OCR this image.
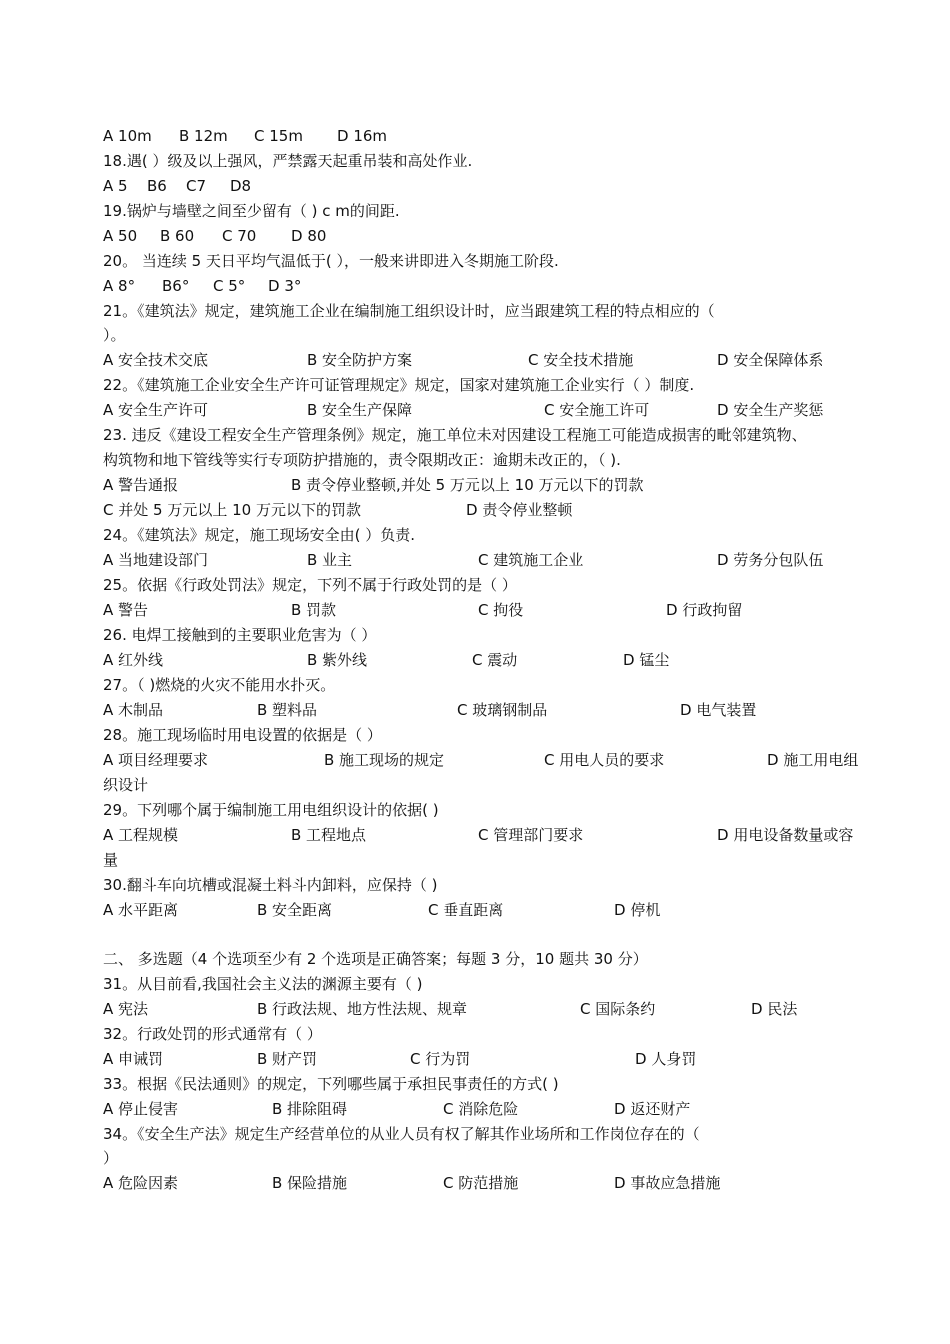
A 10m B 12m C 15m D 16m
18.遇( ）级及以上强风，严禁露天起重吊装和高处作业.
A 5 B6 C7 D8
19.锅炉与墙壁之间至少留有（ ) c m的间距.
A 50 B 60 C 70 D 80
20。 当连续 5 天日平均气温低于( ），一般来讲即进入冬期施工阶段.
A 8° B6° C 5° D 3°
21。《建筑法》规定，建筑施工企业在编制施工组织设计时，应当跟建筑工程的特点相应的（
）。
A 安全技术交底	B 安全防护方案	C 安全技术措施	D 安全保障体系
22。《建筑施工企业安全生产许可证管理规定》规定，国家对建筑施工企业实行（ ）制度.
A 安全生产许可	B 安全生产保障	C 安全施工许可	D 安全生产奖惩
23. 违反《建设工程安全生产管理条例》规定，施工单位未对因建设工程施工可能造成损害的毗邻建筑物、
构筑物和地下管线等实行专项防护措施的，责令限期改正：逾期未改正的，（ ).
A 警告通报	B 责令停业整顿,并处 5 万元以上 10 万元以下的罚款
C 并处 5 万元以上 10 万元以下的罚款	D 责令停业整顿
24。《建筑法》规定，施工现场安全由( ）负责.
A 当地建设部门	B 业主	C 建筑施工企业	D 劳务分包队伍
25。依据《行政处罚法》规定，下列不属于行政处罚的是（ ）
A 警告	B 罚款	C 拘役	D 行政拘留
26. 电焊工接触到的主要职业危害为（ ）
A 红外线	B 紫外线	C 震动	D 锰尘
27。（ )燃烧的火灾不能用水扑灭。
A 木制品	B 塑料品	C 玻璃钢制品	D 电气装置
28。施工现场临时用电设置的依据是（ ）
A 项目经理要求	B 施工现场的规定	C 用电人员的要求	D 施工用电组
织设计
29。下列哪个属于编制施工用电组织设计的依据( )
A 工程规模	B 工程地点	C 管理部门要求	D 用电设备数量或容
量
30.翻斗车向坑槽或混凝土料斗内卸料，应保持（ )
A 水平距离	B 安全距离	C 垂直距离	D 停机
二、 多选题（4 个选项至少有 2 个选项是正确答案；每题 3 分，10 题共 30 分）
31。从目前看,我国社会主义法的渊源主要有（ )
A 宪法	B 行政法规、地方性法规、规章	C 国际条约	D 民法
32。行政处罚的形式通常有（ ）
A 申诫罚	B 财产罚	C 行为罚	D 人身罚
33。根据《民法通则》的规定，下列哪些属于承担民事责任的方式( )
A 停止侵害	B 排除阻碍	C 消除危险	D 返还财产
34。《安全生产法》规定生产经营单位的从业人员有权了解其作业场所和工作岗位存在的（
）
A 危险因素	B 保险措施	C 防范措施	D 事故应急措施
